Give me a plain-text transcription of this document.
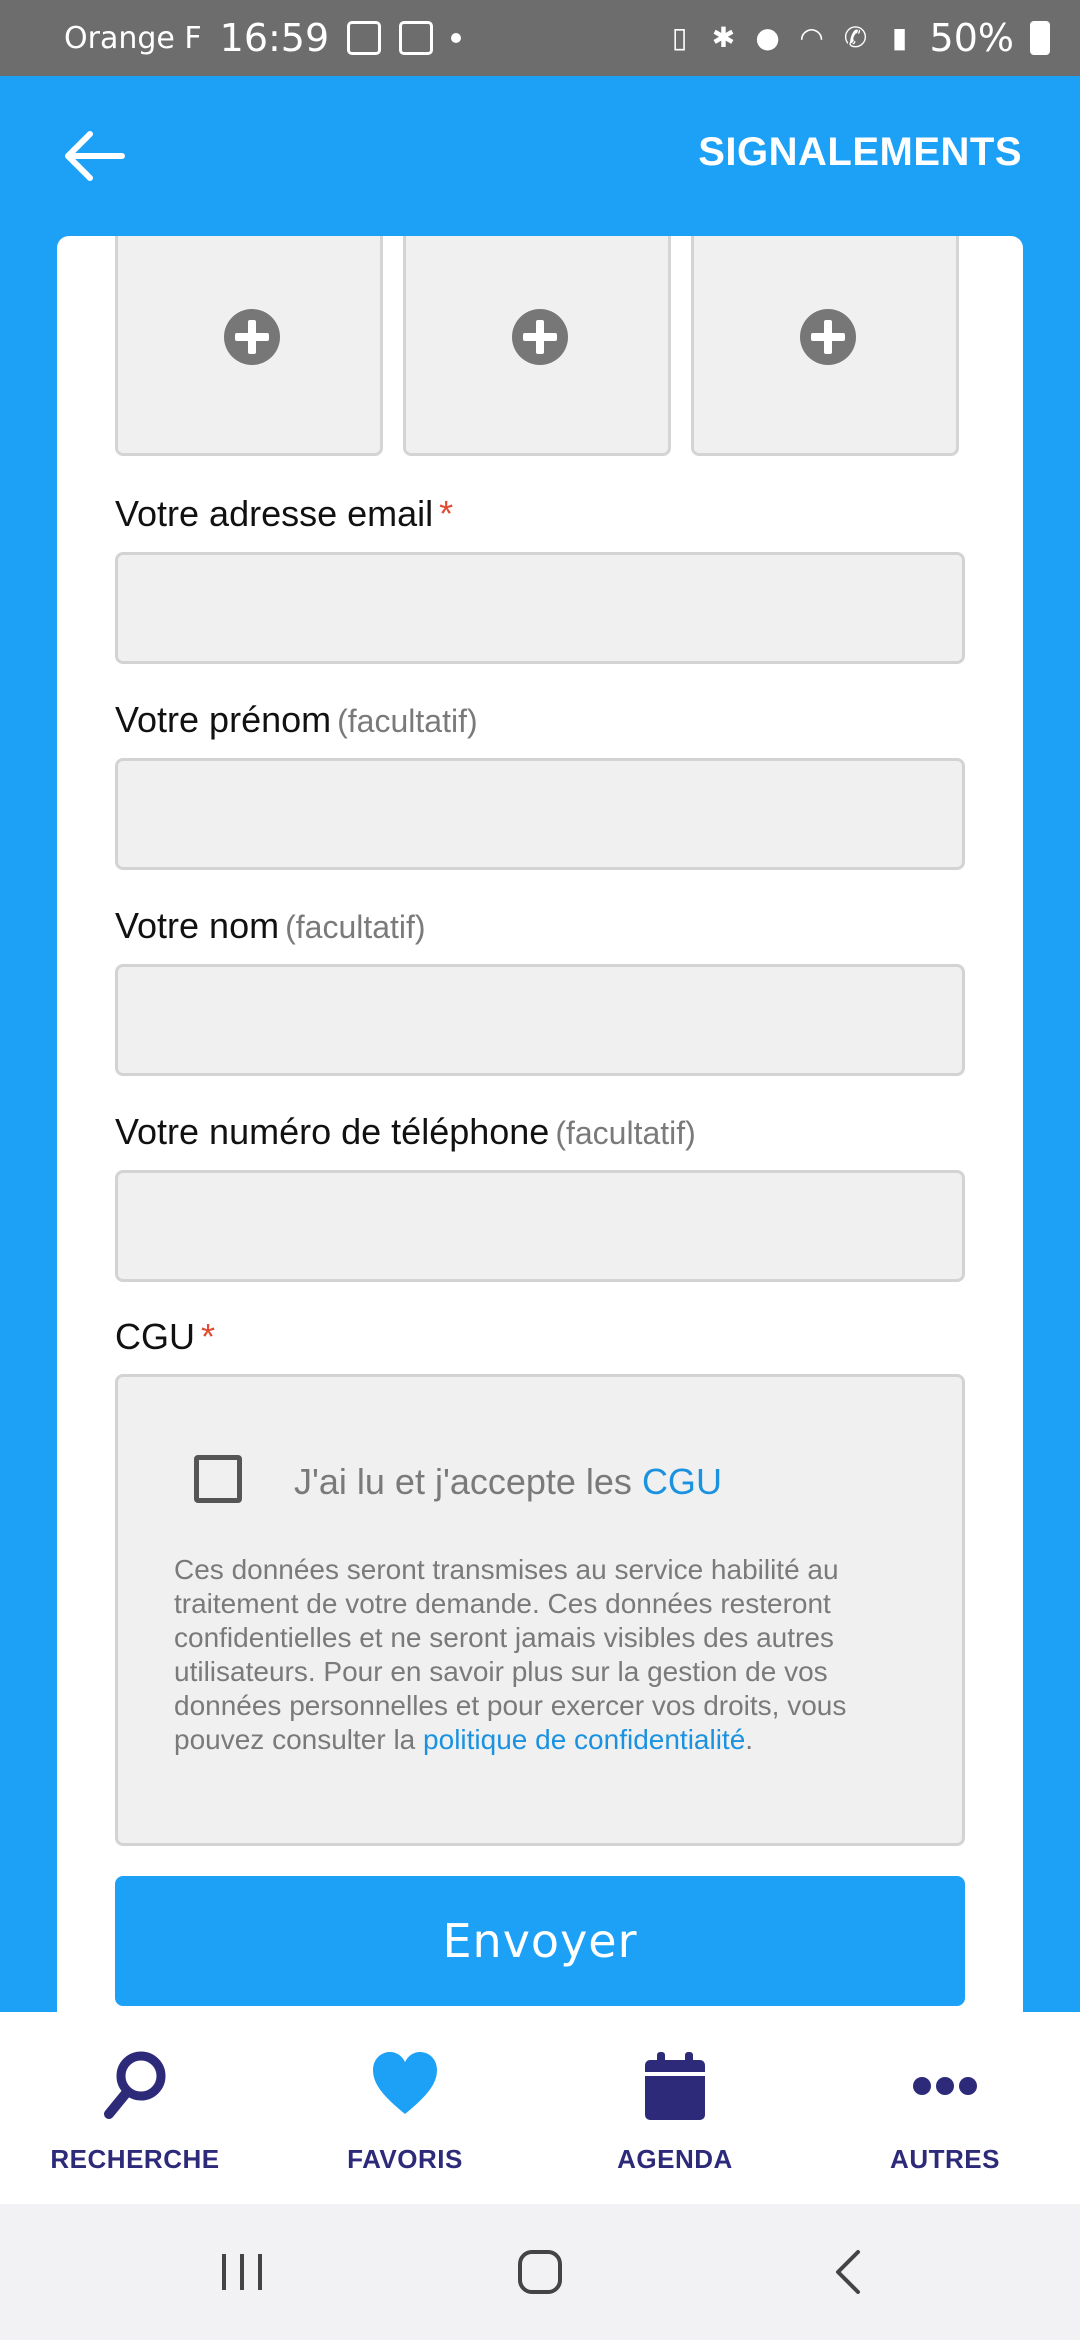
Orange F 16:59	▯ ✱ ● ◠ ✆ ▮ 50%
SIGNALEMENTS
Votre adresse email *
Votre prénom (facultatif)
Votre nom (facultatif)
Votre numéro de téléphone (facultatif)
CGU *
J'ai lu et j'accepte les CGU
Ces données seront transmises au service habilité au traitement de votre demande. Ces données resteront confidentielles et ne seront jamais visibles des autres utilisateurs. Pour en savoir plus sur la gestion de vos données personnelles et pour exercer vos droits, vous pouvez consulter la politique de confidentialité.
Envoyer
RECHERCHE	FAVORIS	AGENDA	AUTRES
